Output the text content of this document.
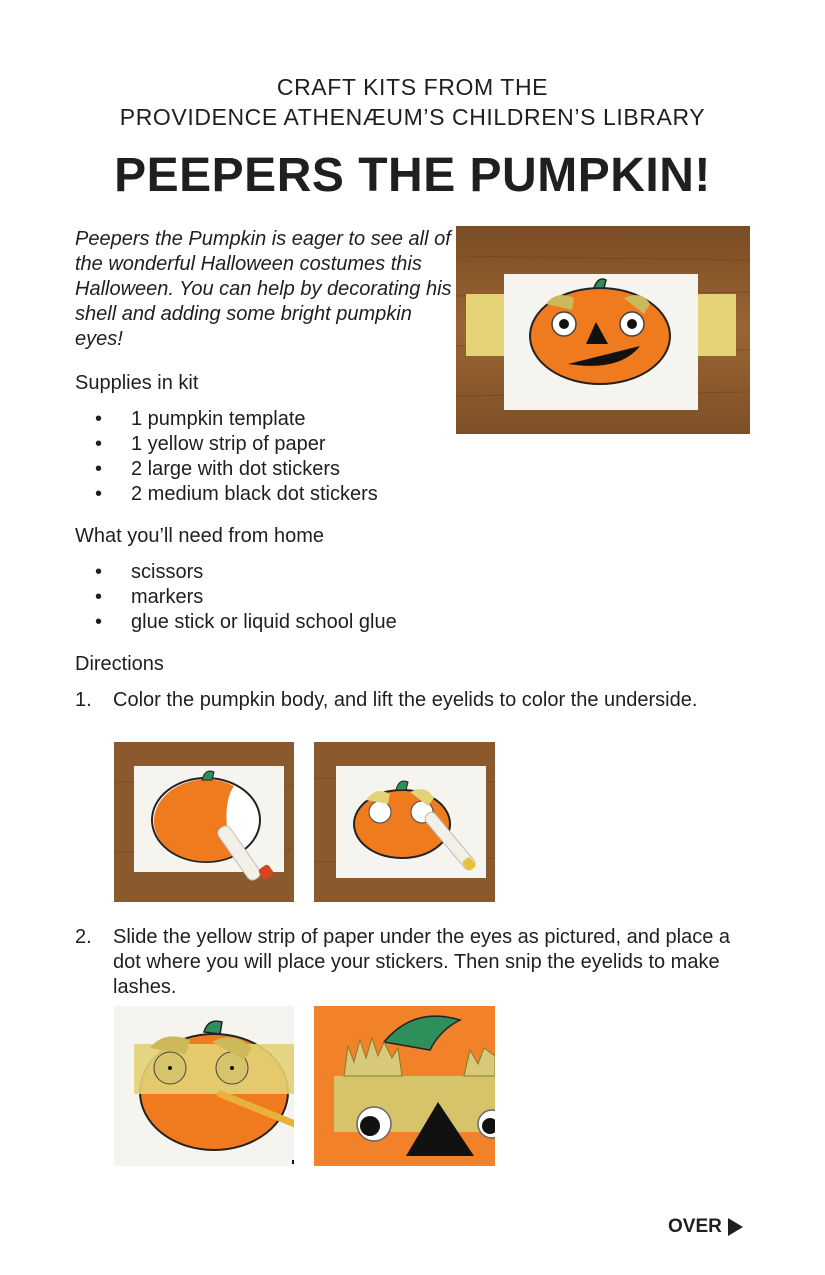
CRAFT KITS FROM THE
PROVIDENCE ATHENÆUM’S CHILDREN’S LIBRARY
PEEPERS THE PUMPKIN!
Peepers the Pumpkin is eager to see all of the wonderful Halloween costumes this Halloween. You can help by decorating his shell and adding some bright pumpkin eyes!
Supplies in kit
• 1 pumpkin template
• 1 yellow strip of paper
• 2 large with dot stickers
• 2 medium black dot stickers
What you’ll need from home
• scissors
• markers
• glue stick or liquid school glue
Directions
1. Color the pumpkin body, and lift the eyelids to color the underside.
2. Slide the yellow strip of paper under the eyes as pictured, and place a dot where you will place your stickers. Then snip the eyelids to make lashes.
OVER
